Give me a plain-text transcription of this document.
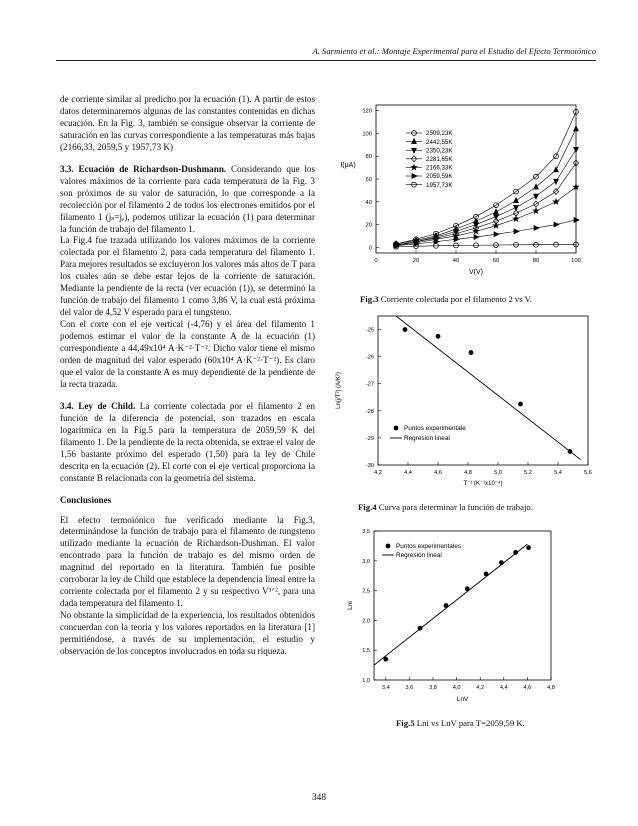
A. Sarmiento et al.: Montaje Experimental para el Estudio del Efecto Termoiónico

de corriente similar al predicho por la ecuación (1). A partir de estos datos determinaremos algunas de las constantes contenidas en dichas ecuación. En la Fig. 3, también se consigue observar la corriente de saturación en las curvas correspondiente a las temperaturas más bajas (2166,33, 2059,5 y 1957,73 K)

3.3. Ecuación de Richardson-Dushmann. Considerando que los valores máximos de la corriente para cada temperatura de la Fig. 3 son próximos de su valor de saturación, lo que corresponde a la recolección por el filamento 2 de todos los electrones emitidos por el filamento 1 (jₛ=jₑ), podemos utilizar la ecuación (1) para determinar la función de trabajo del filamento 1.

La Fig.4 fue trazada utilizando los valores máximos de la corriente colectada por el filamento 2, para cada temperatura del filamento 1. Para mejores resultados se excluyeron los valores más altos de T para los cuales aún se debe estar lejos de la corriente de saturación. Mediante la pendiente de la recta (ver ecuación (1)), se determinó la función de trabajo del filamento 1 como 3,86 V, la cual está próxima del valor de 4,52 V esperado para el tungsteno.

Con el corte con el eje vertical (-4,76) y el área del filamento 1 podemos estimar el valor de la constante A de la ecuación (1) correspondiente a 44,49x10⁴ A·K⁻²·T⁻². Dicho valor tiene el mismo orden de magnitud del valor esperado (60x10⁴ A·K⁻²·T⁻²). Es claro que el valor de la constante A es muy dependiente de la pendiente de la recta trazada.

3.4. Ley de Child. La corriente colectada por el filamento 2 en función de la diferencia de potencial, son trazados en escala logarítmica en la Fig.5 para la temperatura de 2059,59 K del filamento 1. De la pendiente de la recta obtenida, se extrae el valor de 1,56 bastante próximo del esperado (1,50) para la ley de Chile descrita en la ecuación (2). El corte con el eje vertical proporciona la constante B relacionada con la geometría del sistema.

Conclusiones

El efecto termoiónico fue verificado mediante la Fig.3, determinándose la función de trabajo para el filamento de tungsteno utilizado mediante la ecuación de Richardson-Dushman. El valor encontrado para la función de trabajo es del mismo orden de magnitud del reportado en la literatura. También fue posible corroborar la ley de Child que establece la dependencia lineal entre la corriente colectada por el filamento 2 y su respectivo V³ᐟ², para una dada temperatura del filamento 1.

No obstante la simplicidad de la experiencia, los resultados obtenidos concuerdan con la teoría y los valores reportados en la literatura [1] permitiéndose, a través de su implementación, el estudio y observación de los conceptos involucrados en toda su riqueza.

0	20	40	60	80	100
0
20
40
60
80
100
120
V(V)
I(μA)
2509,23K
2442,55K
2350,23K
2281,65K
2166,33K
2059,59K
1957,73K
Fig.3 Corriente colectada por el filamento 2 vs V.
4,2	4,4	4,6	4,8	5,0	5,2	5,4	5,6
-30
-29
-28
-27
-26
-25
T⁻¹ (K⁻¹x10⁻⁴)
Ln(j/T²) (A/K²)
Puntos experimentale
Regresión lineal
Fig.4 Curva para determinar la función de trabajo.
3,4	3,6	3,8	4,0	4,2	4,4	4,6	4,8
1,0
1,5
2,0
2,5
3,0
3,5
LnV
Lni
Puntos experimentales
Regresión lineal
Fig.5 Lni vs LnV para T=2059,59 K.
348
